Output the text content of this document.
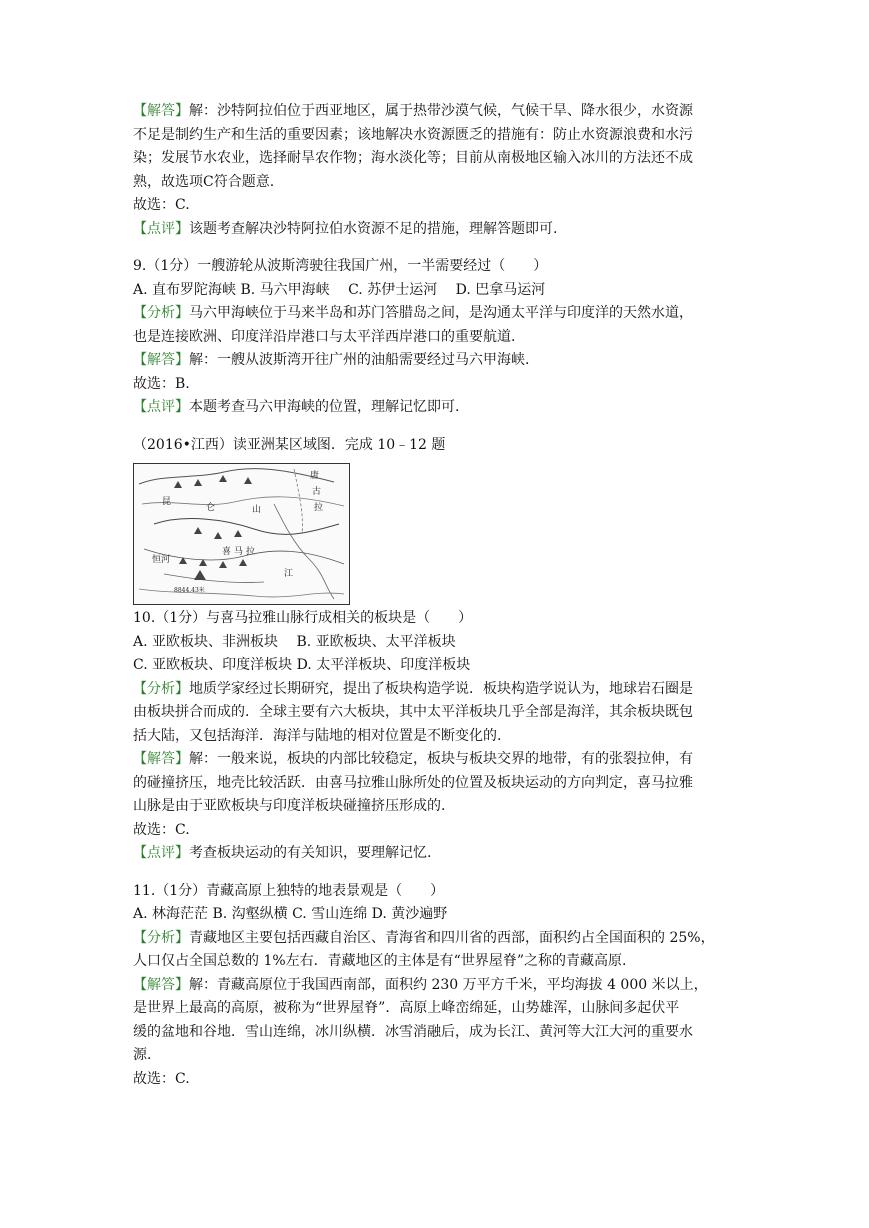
【解答】解：沙特阿拉伯位于西亚地区，属于热带沙漠气候，气候干旱、降水很少，水资源
不足是制约生产和生活的重要因素；该地解决水资源匮乏的措施有：防止水资源浪费和水污
染；发展节水农业，选择耐旱农作物；海水淡化等；目前从南极地区输入冰川的方法还不成
熟，故选项C符合题意.
故选：C.
【点评】该题考查解决沙特阿拉伯水资源不足的措施，理解答题即可.
9.（1分）一艘游轮从波斯湾驶往我国广州，一半需要经过（　　）
A. 直布罗陀海峡 B. 马六甲海峡　 C. 苏伊士运河　 D. 巴拿马运河
【分析】马六甲海峡位于马来半岛和苏门答腊岛之间，是沟通太平洋与印度洋的天然水道，
也是连接欧洲、印度洋沿岸港口与太平洋西岸港口的重要航道.
【解答】解：一艘从波斯湾开往广州的油船需要经过马六甲海峡.
故选：B.
【点评】本题考查马六甲海峡的位置，理解记忆即可.
（2016•江西）读亚洲某区域图．完成 10﹣12 题
昆
仑	山
唐
古
拉
喜 马 拉
恒河
江
8844.43米
10.（1分）与喜马拉雅山脉行成相关的板块是（　　）
A. 亚欧板块、非洲板块　 B. 亚欧板块、太平洋板块
C. 亚欧板块、印度洋板块 D. 太平洋板块、印度洋板块
【分析】地质学家经过长期研究，提出了板块构造学说．板块构造学说认为，地球岩石圈是
由板块拼合而成的．全球主要有六大板块，其中太平洋板块几乎全部是海洋，其余板块既包
括大陆，又包括海洋．海洋与陆地的相对位置是不断变化的.
【解答】解：一般来说，板块的内部比较稳定，板块与板块交界的地带，有的张裂拉伸，有
的碰撞挤压，地壳比较活跃．由喜马拉雅山脉所处的位置及板块运动的方向判定，喜马拉雅
山脉是由于亚欧板块与印度洋板块碰撞挤压形成的.
故选：C.
【点评】考查板块运动的有关知识，要理解记忆.
11.（1分）青藏高原上独特的地表景观是（　　）
A. 林海茫茫 B. 沟壑纵横 C. 雪山连绵 D. 黄沙遍野
【分析】青藏地区主要包括西藏自治区、青海省和四川省的西部，面积约占全国面积的 25%，
人口仅占全国总数的 1%左右．青藏地区的主体是有“世界屋脊”之称的青藏高原.
【解答】解：青藏高原位于我国西南部，面积约 230 万平方千米，平均海拔 4 000 米以上，
是世界上最高的高原，被称为“世界屋脊”．高原上峰峦绵延，山势雄浑，山脉间多起伏平
缓的盆地和谷地．雪山连绵，冰川纵横．冰雪消融后，成为长江、黄河等大江大河的重要水
源.
故选：C.
